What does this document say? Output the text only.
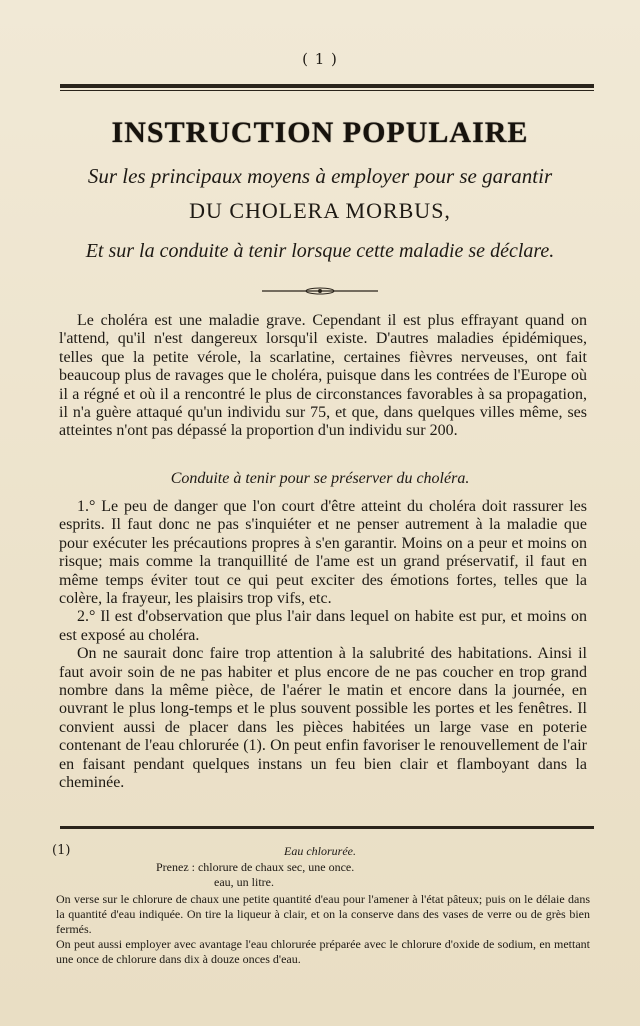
( 1 )
INSTRUCTION POPULAIRE
Sur les principaux moyens à employer pour se garantir
DU CHOLERA MORBUS,
Et sur la conduite à tenir lorsque cette maladie se déclare.

Le choléra est une maladie grave. Cependant il est plus effrayant quand on l'attend, qu'il n'est dangereux lorsqu'il existe. D'autres maladies épidémiques, telles que la petite vérole, la scarlatine, certaines fièvres nerveuses, ont fait beaucoup plus de ravages que le choléra, puisque dans les contrées de l'Europe où il a régné et où il a rencontré le plus de circonstances favorables à sa propagation, il n'a guère attaqué qu'un individu sur 75, et que, dans quelques villes même, ses atteintes n'ont pas dépassé la proportion d'un individu sur 200.

Conduite à tenir pour se préserver du choléra.

1.° Le peu de danger que l'on court d'être atteint du choléra doit rassurer les esprits. Il faut donc ne pas s'inquiéter et ne penser autrement à la maladie que pour exécuter les précautions propres à s'en garantir. Moins on a peur et moins on risque; mais comme la tranquillité de l'ame est un grand préservatif, il faut en même temps éviter tout ce qui peut exciter des émotions fortes, telles que la colère, la frayeur, les plaisirs trop vifs, etc.

2.° Il est d'observation que plus l'air dans lequel on habite est pur, et moins on est exposé au choléra.

On ne saurait donc faire trop attention à la salubrité des habitations. Ainsi il faut avoir soin de ne pas habiter et plus encore de ne pas coucher en trop grand nombre dans la même pièce, de l'aérer le matin et encore dans la journée, en ouvrant le plus long-temps et le plus souvent possible les portes et les fenêtres. Il convient aussi de placer dans les pièces habitées un large vase en poterie contenant de l'eau chlorurée (1). On peut enfin favoriser le renouvellement de l'air en faisant pendant quelques instans un feu bien clair et flamboyant dans la cheminée.

(1)	Eau chlorurée.
Prenez : chlorure de chaux sec, une once.
eau, un litre.

On verse sur le chlorure de chaux une petite quantité d'eau pour l'amener à l'état pâteux; puis on le délaie dans la quantité d'eau indiquée. On tire la liqueur à clair, et on la conserve dans des vases de verre ou de grès bien fermés.

On peut aussi employer avec avantage l'eau chlorurée préparée avec le chlorure d'oxide de sodium, en mettant une once de chlorure dans dix à douze onces d'eau.
